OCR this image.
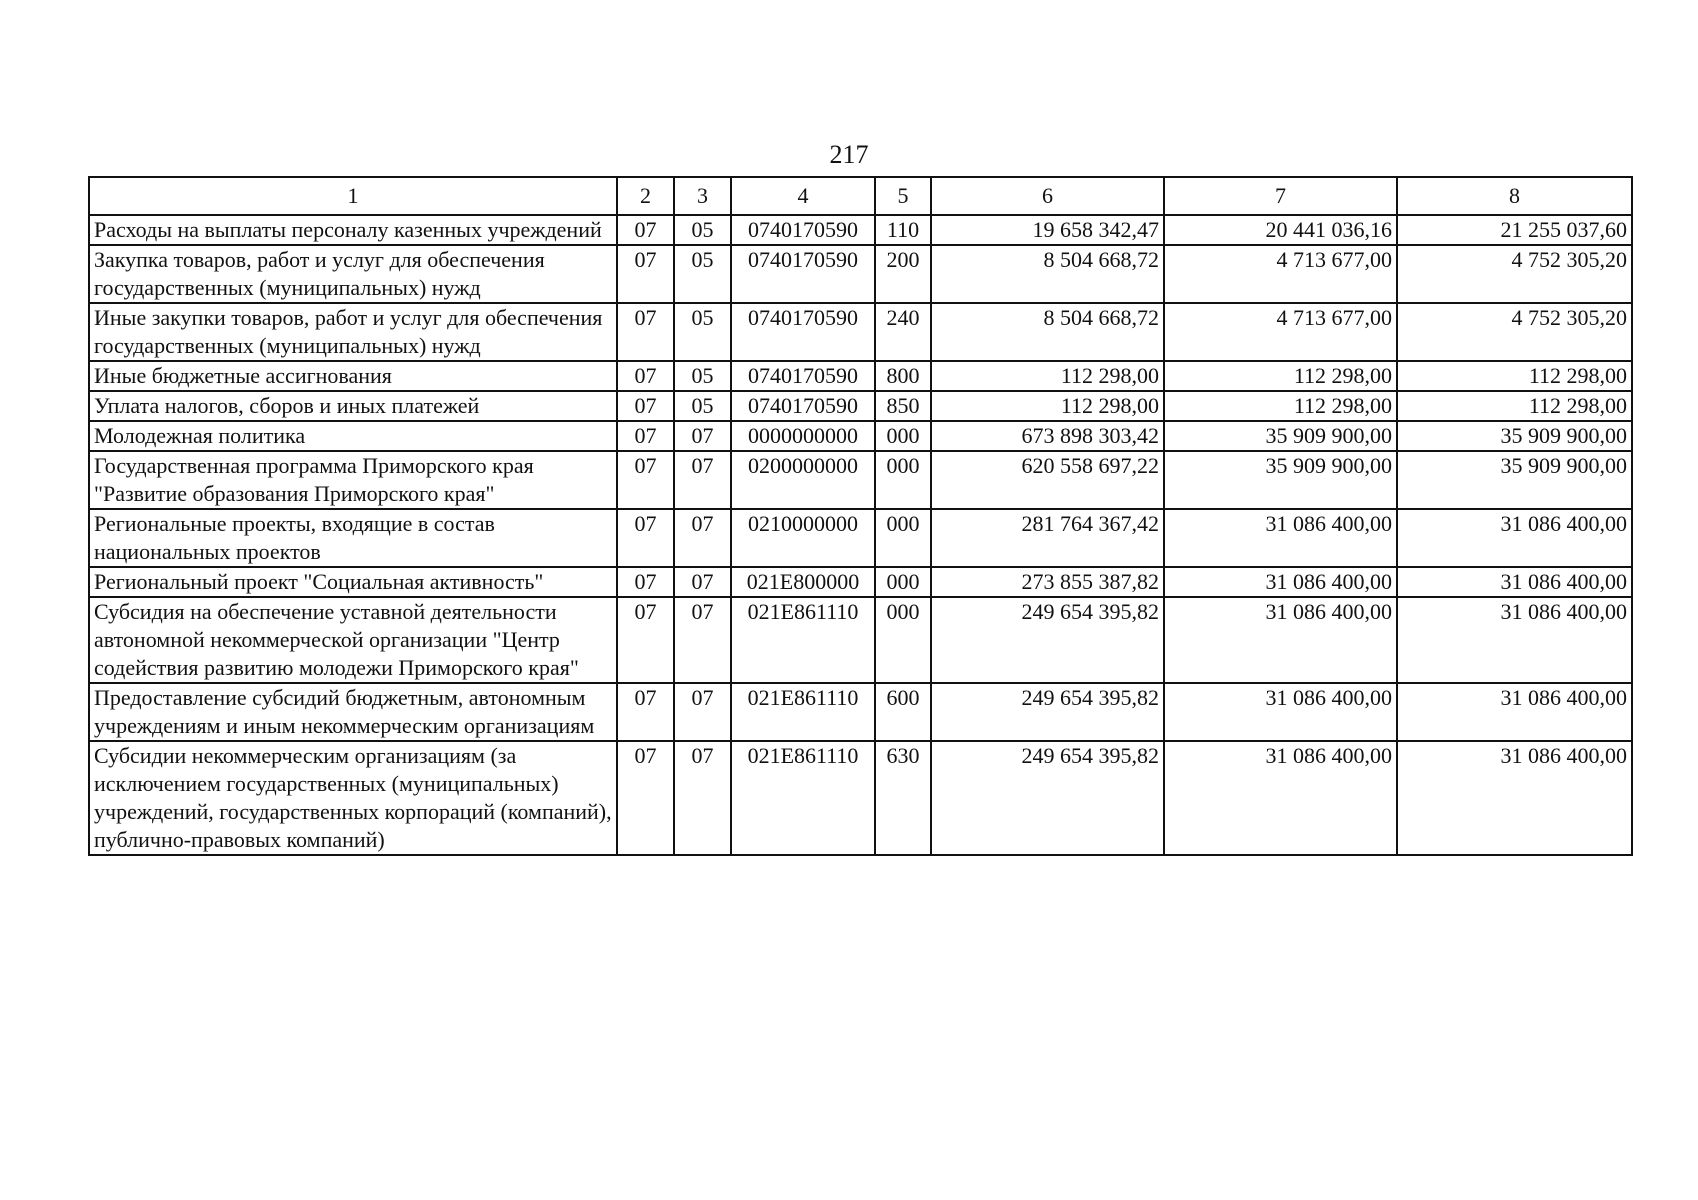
217
1	2	3	4	5	6	7	8
Расходы на выплаты персоналу казенных учреждений	07	05	0740170590	110	19 658 342,47	20 441 036,16	21 255 037,60
Закупка товаров, работ и услуг для обеспечения государственных (муниципальных) нужд	07	05	0740170590	200	8 504 668,72	4 713 677,00	4 752 305,20
Иные закупки товаров, работ и услуг для обеспечения государственных (муниципальных) нужд	07	05	0740170590	240	8 504 668,72	4 713 677,00	4 752 305,20
Иные бюджетные ассигнования	07	05	0740170590	800	112 298,00	112 298,00	112 298,00
Уплата налогов, сборов и иных платежей	07	05	0740170590	850	112 298,00	112 298,00	112 298,00
Молодежная политика	07	07	0000000000	000	673 898 303,42	35 909 900,00	35 909 900,00
Государственная программа Приморского края "Развитие образования Приморского края"	07	07	0200000000	000	620 558 697,22	35 909 900,00	35 909 900,00
Региональные проекты, входящие в состав национальных проектов	07	07	0210000000	000	281 764 367,42	31 086 400,00	31 086 400,00
Региональный проект "Социальная активность"	07	07	021E800000	000	273 855 387,82	31 086 400,00	31 086 400,00
Субсидия на обеспечение уставной деятельности автономной некоммерческой организации "Центр содействия развитию молодежи Приморского края"	07	07	021E861110	000	249 654 395,82	31 086 400,00	31 086 400,00
Предоставление субсидий бюджетным, автономным учреждениям и иным некоммерческим организациям	07	07	021E861110	600	249 654 395,82	31 086 400,00	31 086 400,00
Субсидии некоммерческим организациям (за исключением государственных (муниципальных) учреждений, государственных корпораций (компаний), публично-правовых компаний)	07	07	021E861110	630	249 654 395,82	31 086 400,00	31 086 400,00
